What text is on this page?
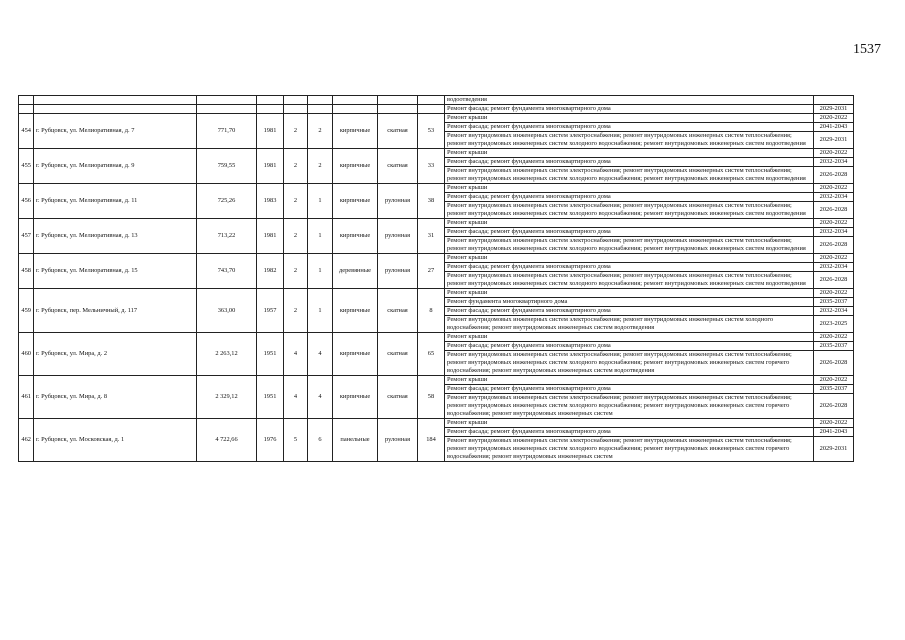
1537
									водоотведения	
									Ремонт фасада; ремонт фундамента многоквартирного дома	2029-2031
454	г. Рубцовск, ул. Мелиоративная, д. 7	771,70	1981	2	2	кирпичные	скатная	53	Ремонт крыши	2020-2022
									Ремонт фасада; ремонт фундамента многоквартирного дома	2041-2043
									Ремонт внутридомовых инженерных систем электроснабжения; ремонт внутридомовых инженерных систем теплоснабжения; ремонт внутридомовых инженерных систем холодного водоснабжения; ремонт внутридомовых инженерных систем водоотведения	2029-2031
455	г. Рубцовск, ул. Мелиоративная, д. 9	759,55	1981	2	2	кирпичные	скатная	33	Ремонт крыши	2020-2022
									Ремонт фасада; ремонт фундамента многоквартирного дома	2032-2034
									Ремонт внутридомовых инженерных систем электроснабжения; ремонт внутридомовых инженерных систем теплоснабжения; ремонт внутридомовых инженерных систем холодного водоснабжения; ремонт внутридомовых инженерных систем водоотведения	2026-2028
456	г. Рубцовск, ул. Мелиоративная, д. 11	725,26	1983	2	1	кирпичные	рулонная	38	Ремонт крыши	2020-2022
									Ремонт фасада; ремонт фундамента многоквартирного дома	2032-2034
									Ремонт внутридомовых инженерных систем электроснабжения; ремонт внутридомовых инженерных систем теплоснабжения; ремонт внутридомовых инженерных систем холодного водоснабжения; ремонт внутридомовых инженерных систем водоотведения	2026-2028
457	г. Рубцовск, ул. Мелиоративная, д. 13	713,22	1981	2	1	кирпичные	рулонная	31	Ремонт крыши	2020-2022
									Ремонт фасада; ремонт фундамента многоквартирного дома	2032-2034
									Ремонт внутридомовых инженерных систем электроснабжения; ремонт внутридомовых инженерных систем теплоснабжения; ремонт внутридомовых инженерных систем холодного водоснабжения; ремонт внутридомовых инженерных систем водоотведения	2026-2028
458	г. Рубцовск, ул. Мелиоративная, д. 15	743,70	1982	2	1	деревянные	рулонная	27	Ремонт крыши	2020-2022
									Ремонт фасада; ремонт фундамента многоквартирного дома	2032-2034
									Ремонт внутридомовых инженерных систем электроснабжения; ремонт внутридомовых инженерных систем теплоснабжения; ремонт внутридомовых инженерных систем холодного водоснабжения; ремонт внутридомовых инженерных систем водоотведения	2026-2028
459	г. Рубцовск, пер. Мельничный, д. 117	363,00	1957	2	1	кирпичные	скатная	8	Ремонт крыши	2020-2022
									Ремонт фундамента многоквартирного дома	2035-2037
									Ремонт фасада; ремонт фундамента многоквартирного дома	2032-2034
									Ремонт внутридомовых инженерных систем электроснабжения; ремонт внутридомовых инженерных систем холодного водоснабжения; ремонт внутридомовых инженерных систем водоотведения	2023-2025
460	г. Рубцовск, ул. Мира, д. 2	2 263,12	1951	4	4	кирпичные	скатная	65	Ремонт крыши	2020-2022
									Ремонт фасада; ремонт фундамента многоквартирного дома	2035-2037
									Ремонт внутридомовых инженерных систем электроснабжения; ремонт внутридомовых инженерных систем теплоснабжения; ремонт внутридомовых инженерных систем холодного водоснабжения; ремонт внутридомовых инженерных систем горячего водоснабжения; ремонт внутридомовых инженерных систем водоотведения	2026-2028
461	г. Рубцовск, ул. Мира, д. 8	2 329,12	1951	4	4	кирпичные	скатная	58	Ремонт крыши	2020-2022
									Ремонт фасада; ремонт фундамента многоквартирного дома	2035-2037
									Ремонт внутридомовых инженерных систем электроснабжения; ремонт внутридомовых инженерных систем теплоснабжения; ремонт внутридомовых инженерных систем холодного водоснабжения; ремонт внутридомовых инженерных систем горячего водоснабжения; ремонт внутридомовых инженерных систем	2026-2028
462	г. Рубцовск, ул. Московская, д. 1	4 722,66	1976	5	6	панельные	рулонная	184	Ремонт крыши	2020-2022
									Ремонт фасада; ремонт фундамента многоквартирного дома	2041-2043
									Ремонт внутридомовых инженерных систем электроснабжения; ремонт внутридомовых инженерных систем теплоснабжения; ремонт внутридомовых инженерных систем холодного водоснабжения; ремонт внутридомовых инженерных систем горячего водоснабжения; ремонт внутридомовых инженерных систем	2029-2031
